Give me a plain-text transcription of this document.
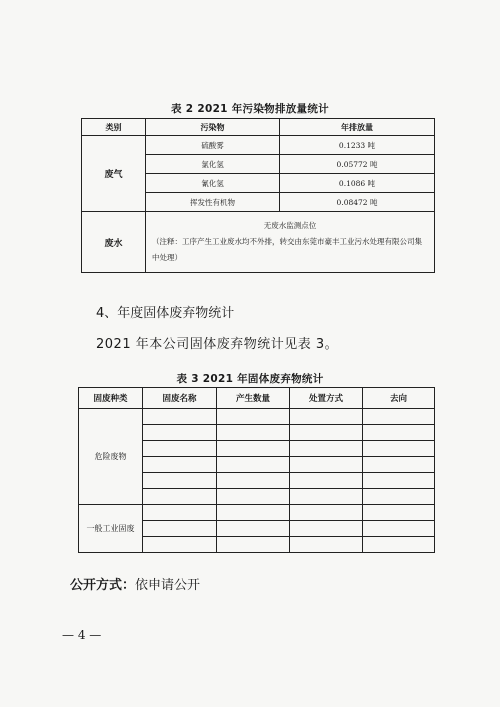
表 2 2021 年污染物排放量统计
类别	污染物	年排放量
废气	硫酸雾	0.1233 吨
	氯化氢	0.05772 吨
	氰化氢	0.1086 吨
	挥发性有机物	0.08472 吨
废水	无废水监测点位
（注释：工序产生工业废水均不外排，转交由东莞市豪丰工业污水处理有限公司集中处理）	
4、年度固体废弃物统计
2021 年本公司固体废弃物统计见表 3。
表 3 2021 年固体废弃物统计
固废种类	固废名称	产生数量	处置方式	去向
危险废物				

一般工业固废				

公开方式：依申请公开
— 4 —
